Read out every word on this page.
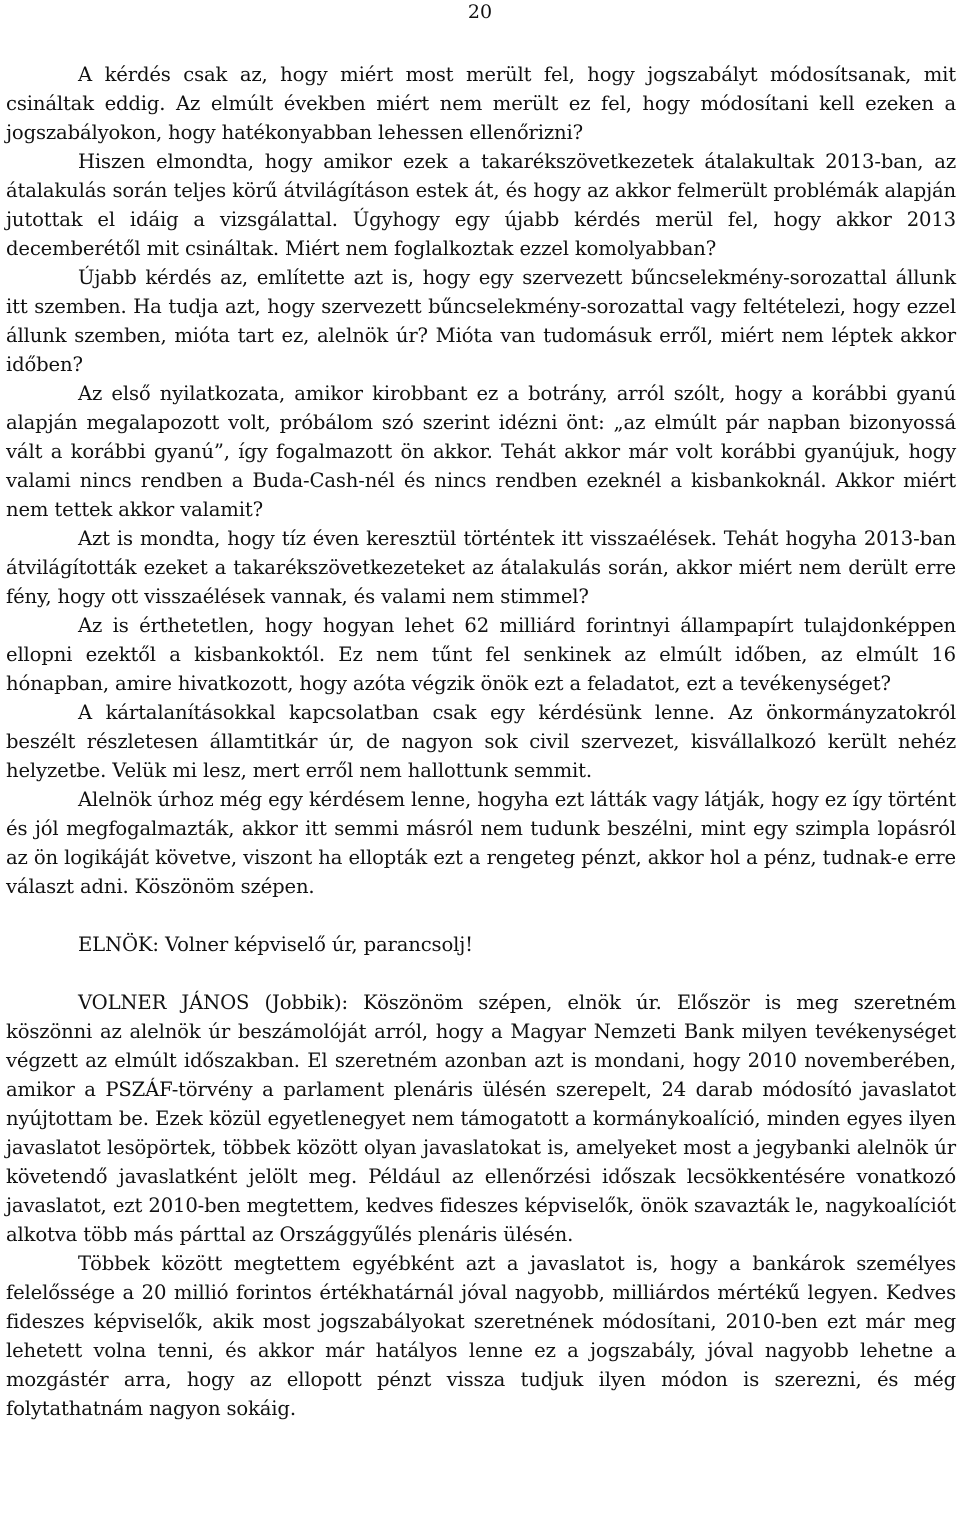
20

A kérdés csak az, hogy miért most merült fel, hogy jogszabályt módosítsanak, mit csináltak eddig. Az elmúlt években miért nem merült ez fel, hogy módosítani kell ezeken a jogszabályokon, hogy hatékonyabban lehessen ellenőrizni?

Hiszen elmondta, hogy amikor ezek a takarékszövetkezetek átalakultak 2013-ban, az átalakulás során teljes körű átvilágításon estek át, és hogy az akkor felmerült problémák alapján jutottak el idáig a vizsgálattal. Úgyhogy egy újabb kérdés merül fel, hogy akkor 2013 decemberétől mit csináltak. Miért nem foglalkoztak ezzel komolyabban?

Újabb kérdés az, említette azt is, hogy egy szervezett bűncselekmény-sorozattal állunk itt szemben. Ha tudja azt, hogy szervezett bűncselekmény-sorozattal vagy feltételezi, hogy ezzel állunk szemben, mióta tart ez, alelnök úr? Mióta van tudomásuk erről, miért nem léptek akkor időben?

Az első nyilatkozata, amikor kirobbant ez a botrány, arról szólt, hogy a korábbi gyanú alapján megalapozott volt, próbálom szó szerint idézni önt: „az elmúlt pár napban bizonyossá vált a korábbi gyanú”, így fogalmazott ön akkor. Tehát akkor már volt korábbi gyanújuk, hogy valami nincs rendben a Buda-Cash-nél és nincs rendben ezeknél a kisbankoknál. Akkor miért nem tettek akkor valamit?

Azt is mondta, hogy tíz éven keresztül történtek itt visszaélések. Tehát hogyha 2013-ban átvilágították ezeket a takarékszövetkezeteket az átalakulás során, akkor miért nem derült erre fény, hogy ott visszaélések vannak, és valami nem stimmel?

Az is érthetetlen, hogy hogyan lehet 62 milliárd forintnyi állampapírt tulajdonképpen ellopni ezektől a kisbankoktól. Ez nem tűnt fel senkinek az elmúlt időben, az elmúlt 16 hónapban, amire hivatkozott, hogy azóta végzik önök ezt a feladatot, ezt a tevékenységet?

A kártalanításokkal kapcsolatban csak egy kérdésünk lenne. Az önkormányzatokról beszélt részletesen államtitkár úr, de nagyon sok civil szervezet, kisvállalkozó került nehéz helyzetbe. Velük mi lesz, mert erről nem hallottunk semmit.

Alelnök úrhoz még egy kérdésem lenne, hogyha ezt látták vagy látják, hogy ez így történt és jól megfogalmazták, akkor itt semmi másról nem tudunk beszélni, mint egy szimpla lopásról az ön logikáját követve, viszont ha ellopták ezt a rengeteg pénzt, akkor hol a pénz, tudnak-e erre választ adni. Köszönöm szépen.

ELNÖK: Volner képviselő úr, parancsolj!

VOLNER JÁNOS (Jobbik): Köszönöm szépen, elnök úr. Először is meg szeretném köszönni az alelnök úr beszámolóját arról, hogy a Magyar Nemzeti Bank milyen tevékenységet végzett az elmúlt időszakban. El szeretném azonban azt is mondani, hogy 2010 novemberében, amikor a PSZÁF-törvény a parlament plenáris ülésén szerepelt, 24 darab módosító javaslatot nyújtottam be. Ezek közül egyetlenegyet nem támogatott a kormánykoalíció, minden egyes ilyen javaslatot lesöpörtek, többek között olyan javaslatokat is, amelyeket most a jegybanki alelnök úr követendő javaslatként jelölt meg. Például az ellenőrzési időszak lecsökkentésére vonatkozó javaslatot, ezt 2010-ben megtettem, kedves fideszes képviselők, önök szavazták le, nagykoalíciót alkotva több más párttal az Országgyűlés plenáris ülésén.

Többek között megtettem egyébként azt a javaslatot is, hogy a bankárok személyes felelőssége a 20 millió forintos értékhatárnál jóval nagyobb, milliárdos mértékű legyen. Kedves fideszes képviselők, akik most jogszabályokat szeretnének módosítani, 2010-ben ezt már meg lehetett volna tenni, és akkor már hatályos lenne ez a jogszabály, jóval nagyobb lehetne a mozgástér arra, hogy az ellopott pénzt vissza tudjuk ilyen módon is szerezni, és még folytathatnám nagyon sokáig.
